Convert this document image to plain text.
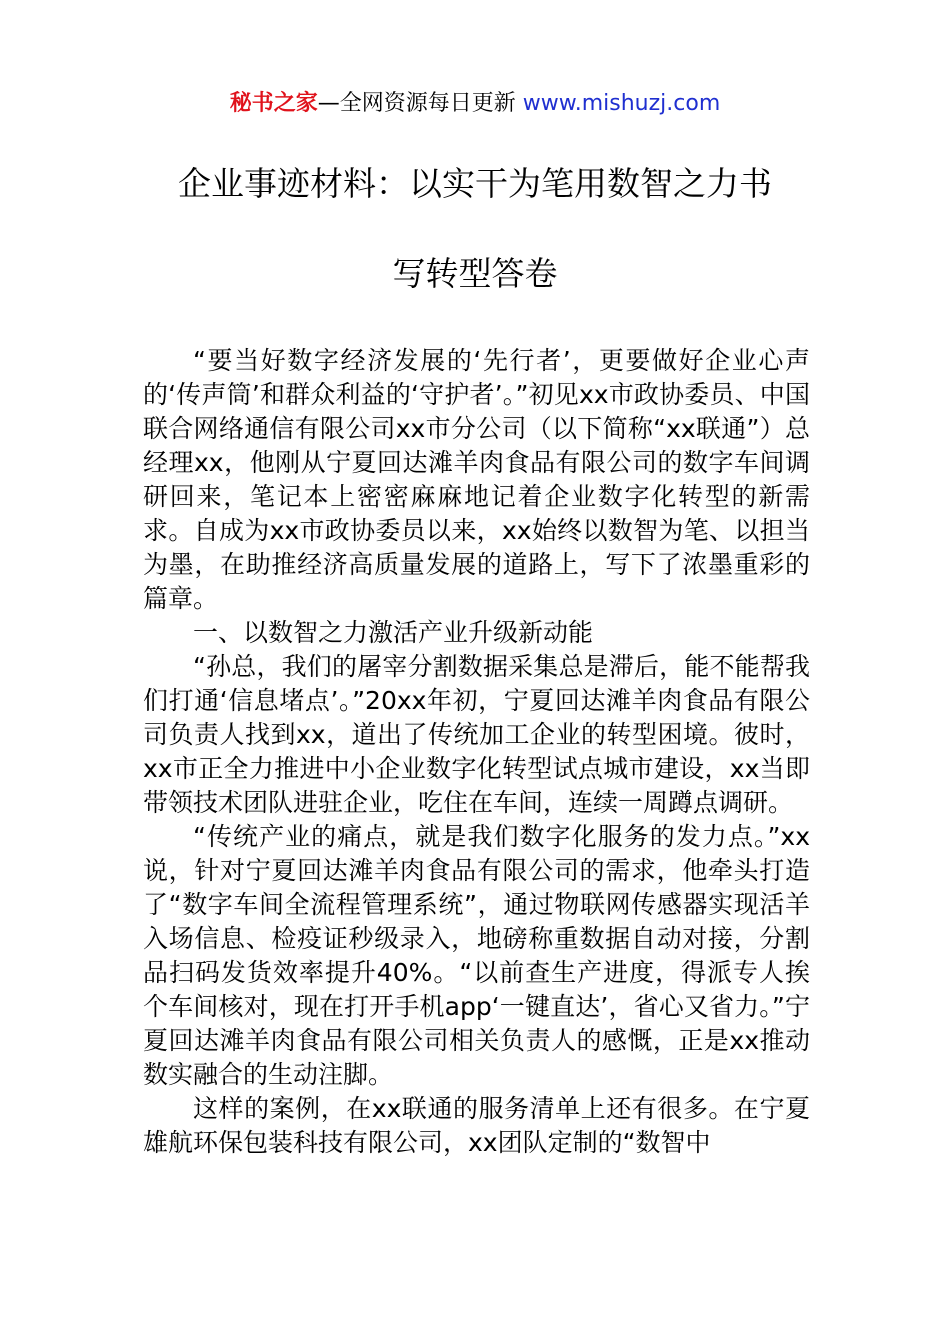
秘书之家—全网资源每日更新 www.mishuzj.com
企业事迹材料：以实干为笔用数智之力书
写转型答卷

“要当好数字经济发展的‘先行者’，更要做好企业心声的‘传声筒’和群众利益的‘守护者’。”初见xx市政协委员、中国联合网络通信有限公司xx市分公司（以下简称“xx联通”）总经理xx，他刚从宁夏回达滩羊肉食品有限公司的数字车间调研回来，笔记本上密密麻麻地记着企业数字化转型的新需求。自成为xx市政协委员以来，xx始终以数智为笔、以担当为墨，在助推经济高质量发展的道路上，写下了浓墨重彩的篇章。

一、以数智之力激活产业升级新动能

“孙总，我们的屠宰分割数据采集总是滞后，能不能帮我们打通‘信息堵点’。”20xx年初，宁夏回达滩羊肉食品有限公司负责人找到xx，道出了传统加工企业的转型困境。彼时，xx市正全力推进中小企业数字化转型试点城市建设，xx当即带领技术团队进驻企业，吃住在车间，连续一周蹲点调研。

“传统产业的痛点，就是我们数字化服务的发力点。”xx说，针对宁夏回达滩羊肉食品有限公司的需求，他牵头打造了“数字车间全流程管理系统”，通过物联网传感器实现活羊入场信息、检疫证秒级录入，地磅称重数据自动对接，分割品扫码发货效率提升40%。“以前查生产进度，得派专人挨个车间核对，现在打开手机app‘一键直达’，省心又省力。”宁夏回达滩羊肉食品有限公司相关负责人的感慨，正是xx推动数实融合的生动注脚。

这样的案例，在xx联通的服务清单上还有很多。在宁夏雄航环保包装科技有限公司，xx团队定制的“数智中
